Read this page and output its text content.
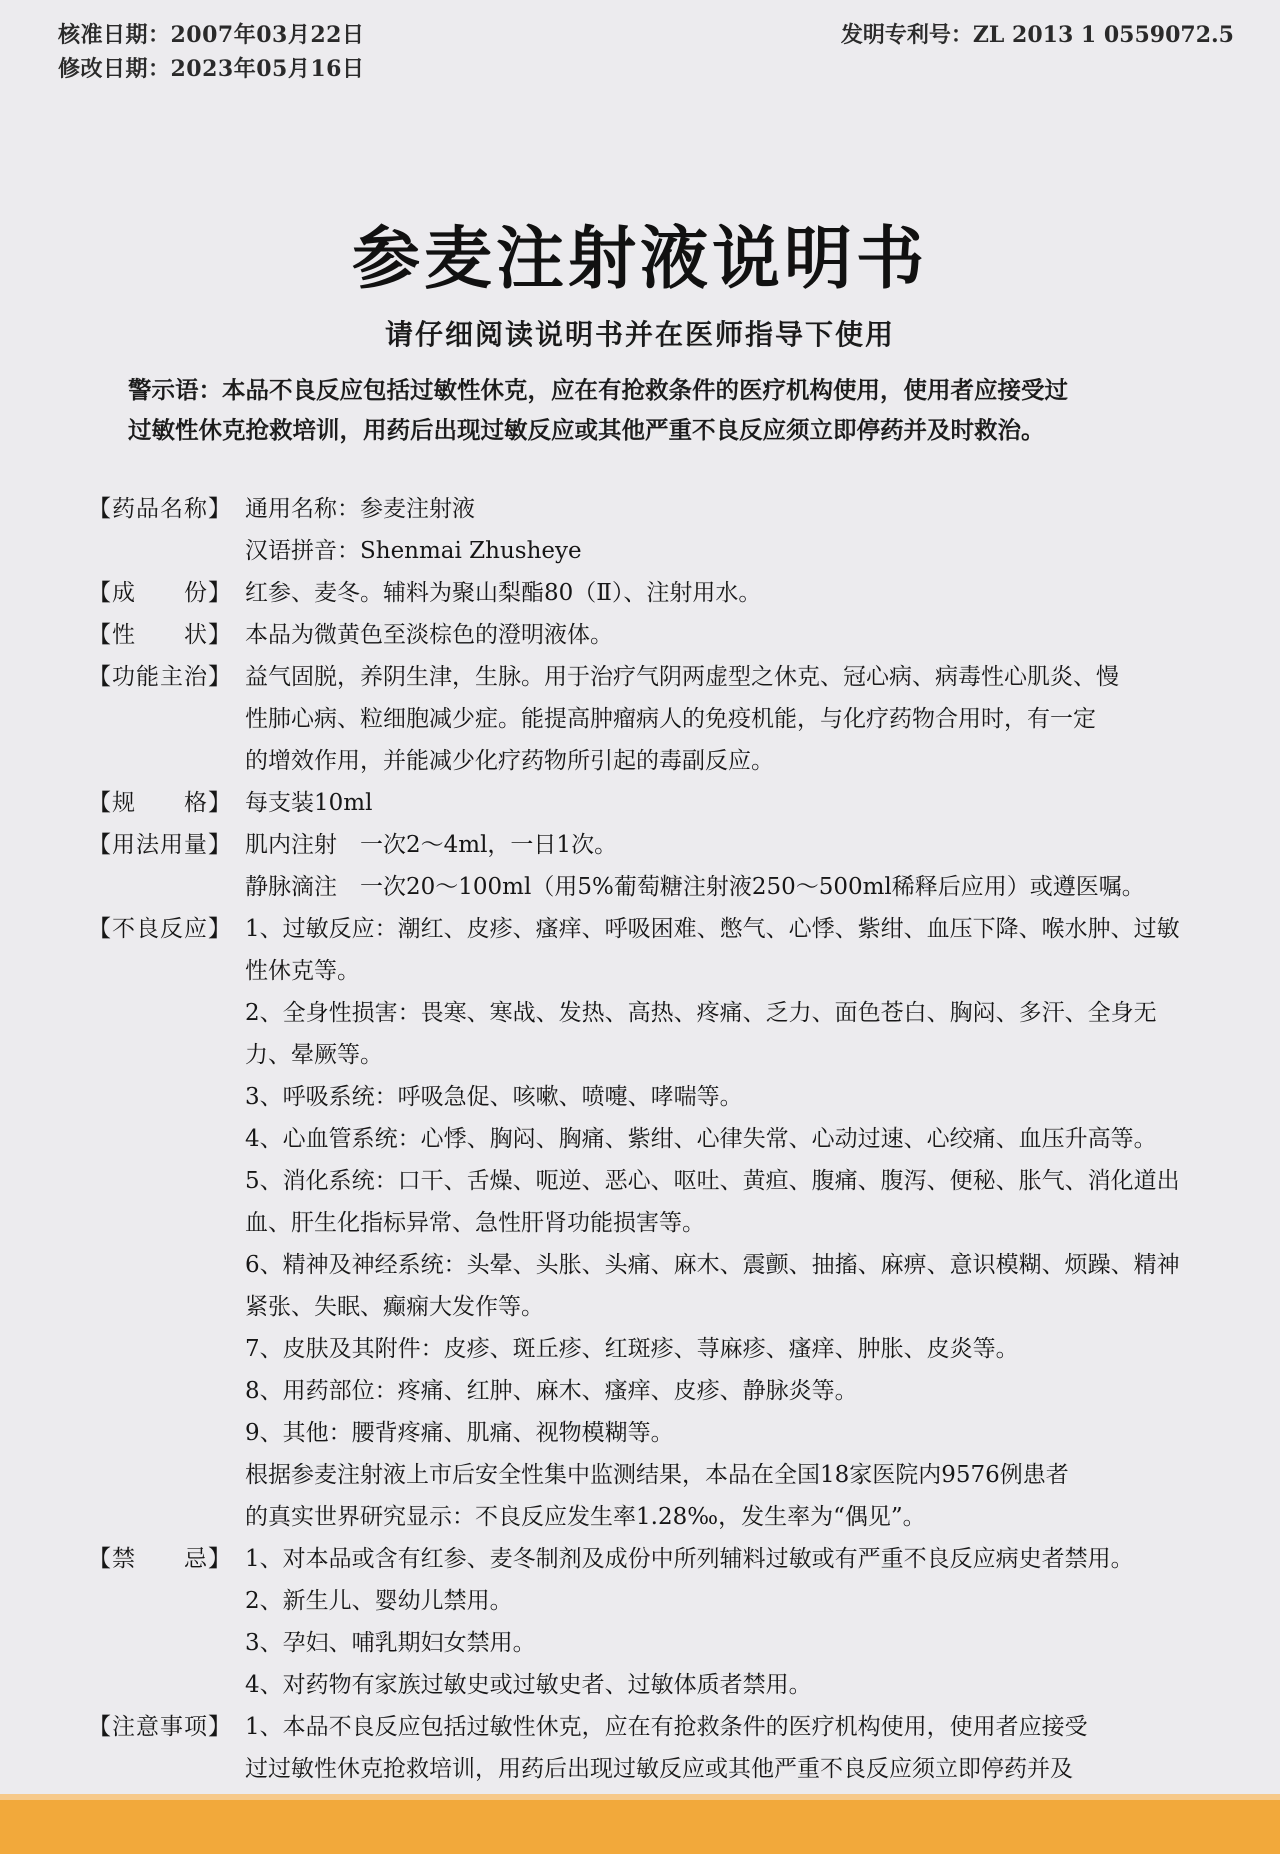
核准日期：2007年03月22日
修改日期：2023年05月16日
发明专利号：ZL 2013 1 0559072.5
参麦注射液说明书
请仔细阅读说明书并在医师指导下使用
警示语：本品不良反应包括过敏性休克，应在有抢救条件的医疗机构使用，使用者应接受过
过敏性休克抢救培训，用药后出现过敏反应或其他严重不良反应须立即停药并及时救治。
【药品名称】 通用名称：参麦注射液
汉语拼音：Shenmai Zhusheye
【成　　份】 红参、麦冬。辅料为聚山梨酯80（Ⅱ）、注射用水。
【性　　状】 本品为微黄色至淡棕色的澄明液体。
【功能主治】 益气固脱，养阴生津，生脉。用于治疗气阴两虚型之休克、冠心病、病毒性心肌炎、慢
性肺心病、粒细胞减少症。能提高肿瘤病人的免疫机能，与化疗药物合用时，有一定
的增效作用，并能减少化疗药物所引起的毒副反应。
【规　　格】 每支装10ml
【用法用量】 肌内注射　一次2～4ml，一日1次。
静脉滴注　一次20～100ml（用5%葡萄糖注射液250～500ml稀释后应用）或遵医嘱。
【不良反应】 1、过敏反应：潮红、皮疹、瘙痒、呼吸困难、憋气、心悸、紫绀、血压下降、喉水肿、过敏
性休克等。
2、全身性损害：畏寒、寒战、发热、高热、疼痛、乏力、面色苍白、胸闷、多汗、全身无
力、晕厥等。
3、呼吸系统：呼吸急促、咳嗽、喷嚏、哮喘等。
4、心血管系统：心悸、胸闷、胸痛、紫绀、心律失常、心动过速、心绞痛、血压升高等。
5、消化系统：口干、舌燥、呃逆、恶心、呕吐、黄疸、腹痛、腹泻、便秘、胀气、消化道出
血、肝生化指标异常、急性肝肾功能损害等。
6、精神及神经系统：头晕、头胀、头痛、麻木、震颤、抽搐、麻痹、意识模糊、烦躁、精神
紧张、失眠、癫痫大发作等。
7、皮肤及其附件：皮疹、斑丘疹、红斑疹、荨麻疹、瘙痒、肿胀、皮炎等。
8、用药部位：疼痛、红肿、麻木、瘙痒、皮疹、静脉炎等。
9、其他：腰背疼痛、肌痛、视物模糊等。
根据参麦注射液上市后安全性集中监测结果，本品在全国18家医院内9576例患者
的真实世界研究显示：不良反应发生率1.28‰，发生率为“偶见”。
【禁　　忌】 1、对本品或含有红参、麦冬制剂及成份中所列辅料过敏或有严重不良反应病史者禁用。
2、新生儿、婴幼儿禁用。
3、孕妇、哺乳期妇女禁用。
4、对药物有家族过敏史或过敏史者、过敏体质者禁用。
【注意事项】 1、本品不良反应包括过敏性休克，应在有抢救条件的医疗机构使用，使用者应接受
过过敏性休克抢救培训，用药后出现过敏反应或其他严重不良反应须立即停药并及
